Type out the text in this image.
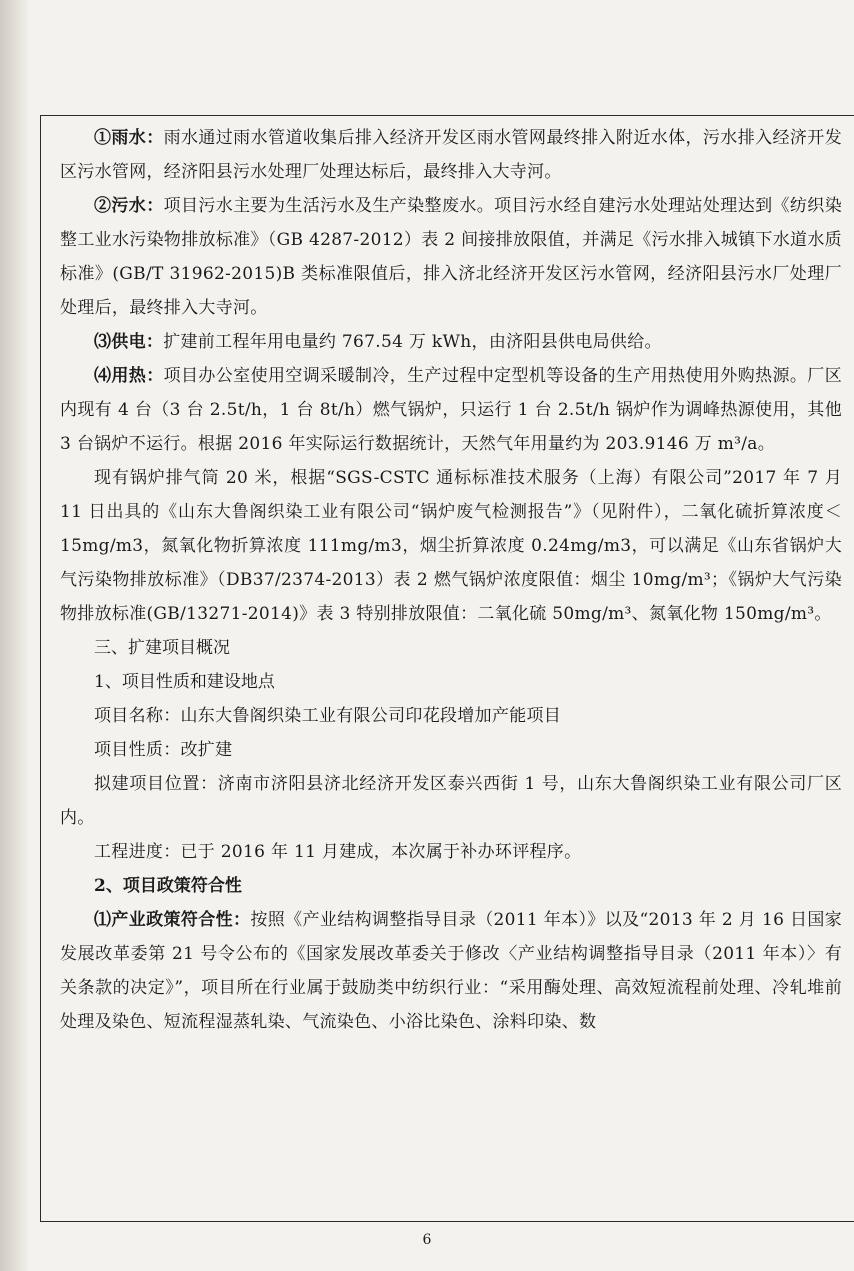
①雨水：雨水通过雨水管道收集后排入经济开发区雨水管网最终排入附近水体，污水排入经济开发区污水管网，经济阳县污水处理厂处理达标后，最终排入大寺河。

②污水：项目污水主要为生活污水及生产染整废水。项目污水经自建污水处理站处理达到《纺织染整工业水污染物排放标准》（GB 4287-2012）表 2 间接排放限值，并满足《污水排入城镇下水道水质标准》(GB/T 31962-2015)B 类标准限值后，排入济北经济开发区污水管网，经济阳县污水厂处理厂处理后，最终排入大寺河。

⑶供电：扩建前工程年用电量约 767.54 万 kWh，由济阳县供电局供给。

⑷用热：项目办公室使用空调采暖制冷，生产过程中定型机等设备的生产用热使用外购热源。厂区内现有 4 台（3 台 2.5t/h，1 台 8t/h）燃气锅炉，只运行 1 台 2.5t/h 锅炉作为调峰热源使用，其他 3 台锅炉不运行。根据 2016 年实际运行数据统计，天然气年用量约为 203.9146 万 m³/a。

现有锅炉排气筒 20 米，根据“SGS-CSTC 通标标准技术服务（上海）有限公司”2017 年 7 月 11 日出具的《山东大鲁阁织染工业有限公司“锅炉废气检测报告”》（见附件），二氧化硫折算浓度＜15mg/m3，氮氧化物折算浓度 111mg/m3，烟尘折算浓度 0.24mg/m3，可以满足《山东省锅炉大气污染物排放标准》（DB37/2374-2013）表 2 燃气锅炉浓度限值：烟尘 10mg/m³；《锅炉大气污染物排放标准(GB/13271-2014)》表 3 特别排放限值：二氧化硫 50mg/m³、氮氧化物 150mg/m³。

三、扩建项目概况

1、项目性质和建设地点

项目名称：山东大鲁阁织染工业有限公司印花段增加产能项目

项目性质：改扩建

拟建项目位置：济南市济阳县济北经济开发区泰兴西街 1 号，山东大鲁阁织染工业有限公司厂区内。

工程进度：已于 2016 年 11 月建成，本次属于补办环评程序。

2、项目政策符合性

⑴产业政策符合性：按照《产业结构调整指导目录（2011 年本）》以及“2013 年 2 月 16 日国家发展改革委第 21 号令公布的《国家发展改革委关于修改〈产业结构调整指导目录（2011 年本）〉有关条款的决定》”，项目所在行业属于鼓励类中纺织行业：“采用酶处理、高效短流程前处理、冷轧堆前处理及染色、短流程湿蒸轧染、气流染色、小浴比染色、涂料印染、数

6
